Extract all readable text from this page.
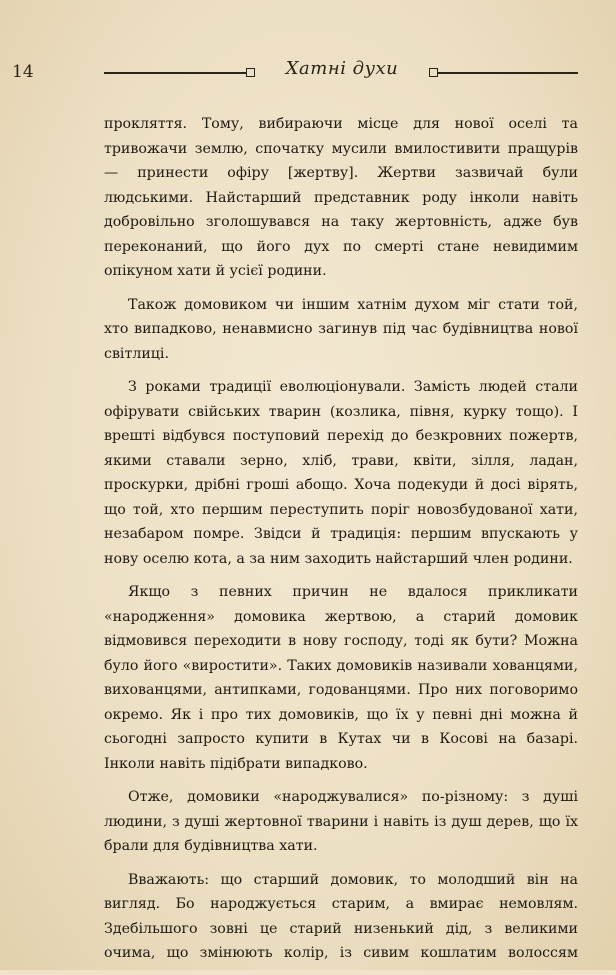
14	Хатні духи

прокляття. Тому, вибираючи місце для нової оселі та тривожачи землю, спочатку мусили вмилостивити пращурів — принести офіру [жертву]. Жертви зазвичай були людськими. Найстарший представник роду інколи навіть добровільно зголошувався на таку жертовність, адже був переконаний, що його дух по смерті стане невидимим опікуном хати й усієї родини.

Також домовиком чи іншим хатнім духом міг стати той, хто випадково, ненавмисно загинув під час будівництва нової світлиці.

З роками традиції еволюціонували. Замість людей стали офірувати свійських тварин (козлика, півня, курку тощо). І врешті відбувся поступовий перехід до безкровних пожертв, якими ставали зерно, хліб, трави, квіти, зілля, ладан, проскурки, дрібні гроші абощо. Хоча подекуди й досі вірять, що той, хто першим переступить поріг новозбудованої хати, незабаром помре. Звідси й традиція: першим впускають у нову оселю кота, а за ним заходить найстарший член родини.

Якщо з певних причин не вдалося прикликати «народження» домовика жертвою, а старий домовик відмовився переходити в нову господу, тоді як бути? Можна було його «виростити». Таких домовиків називали хованцями, вихованцями, антипками, годованцями. Про них поговоримо окремо. Як і про тих домовиків, що їх у певні дні можна й сьогодні запросто купити в Кутах чи в Косові на базарі. Інколи навіть підібрати випадково.

Отже, домовики «народжувалися» по-різному: з душі людини, з душі жертовної тварини і навіть із душ дерев, що їх брали для будівництва хати.

Вважають: що старший домовик, то молодший він на вигляд. Бо народжується старим, а вмирає немовлям. Здебільшого зовні це старий низенький дід, з великими очима, що змінюють колір, із сивим кошлатим волоссям
